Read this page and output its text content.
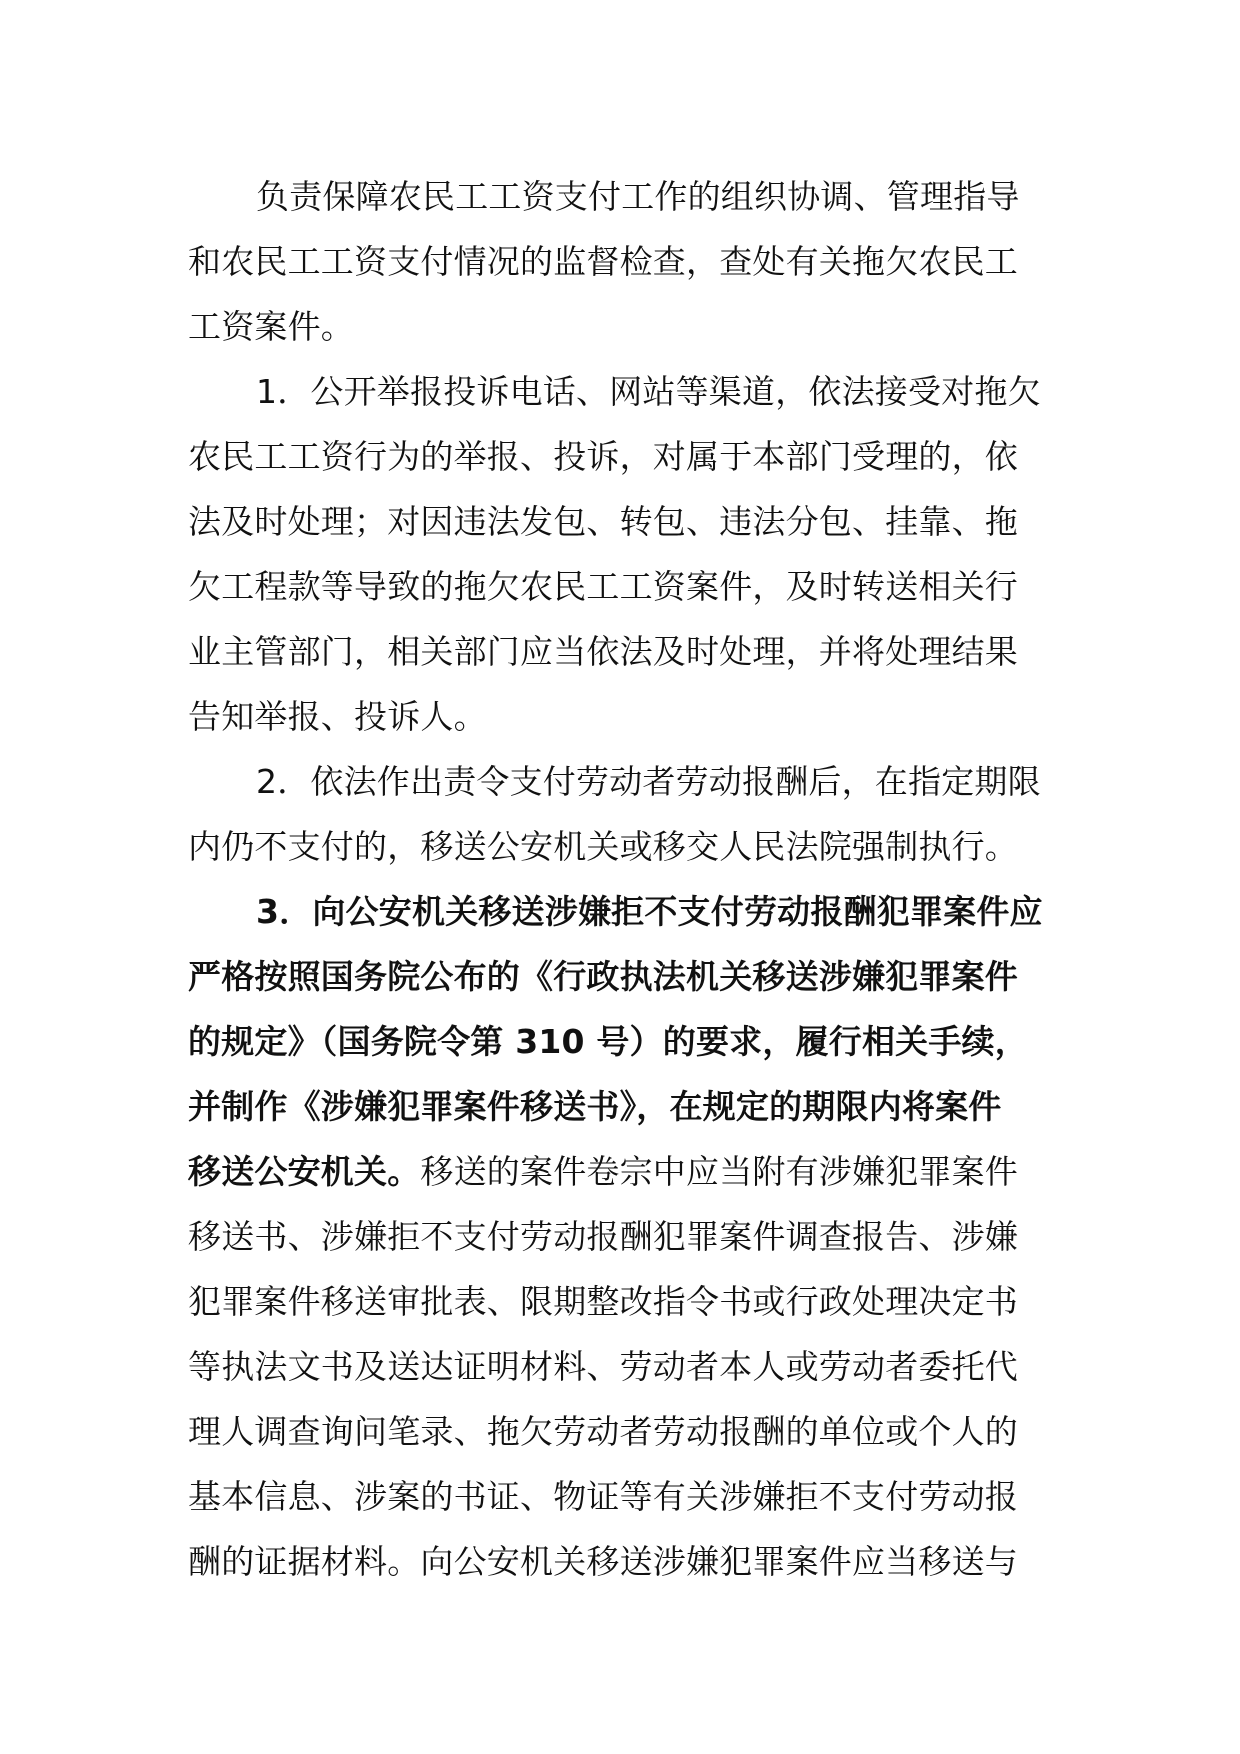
负责保障农民工工资支付工作的组织协调、管理指导
和农民工工资支付情况的监督检查，查处有关拖欠农民工
工资案件。
1．公开举报投诉电话、网站等渠道，依法接受对拖欠
农民工工资行为的举报、投诉，对属于本部门受理的，依
法及时处理；对因违法发包、转包、违法分包、挂靠、拖
欠工程款等导致的拖欠农民工工资案件，及时转送相关行
业主管部门，相关部门应当依法及时处理，并将处理结果
告知举报、投诉人。
2．依法作出责令支付劳动者劳动报酬后，在指定期限
内仍不支付的，移送公安机关或移交人民法院强制执行。
3．向公安机关移送涉嫌拒不支付劳动报酬犯罪案件应
严格按照国务院公布的《行政执法机关移送涉嫌犯罪案件
的规定》（国务院令第 310 号）的要求，履行相关手续，
并制作《涉嫌犯罪案件移送书》，在规定的期限内将案件
移送公安机关。移送的案件卷宗中应当附有涉嫌犯罪案件
移送书、涉嫌拒不支付劳动报酬犯罪案件调查报告、涉嫌
犯罪案件移送审批表、限期整改指令书或行政处理决定书
等执法文书及送达证明材料、劳动者本人或劳动者委托代
理人调查询问笔录、拖欠劳动者劳动报酬的单位或个人的
基本信息、涉案的书证、物证等有关涉嫌拒不支付劳动报
酬的证据材料。向公安机关移送涉嫌犯罪案件应当移送与
